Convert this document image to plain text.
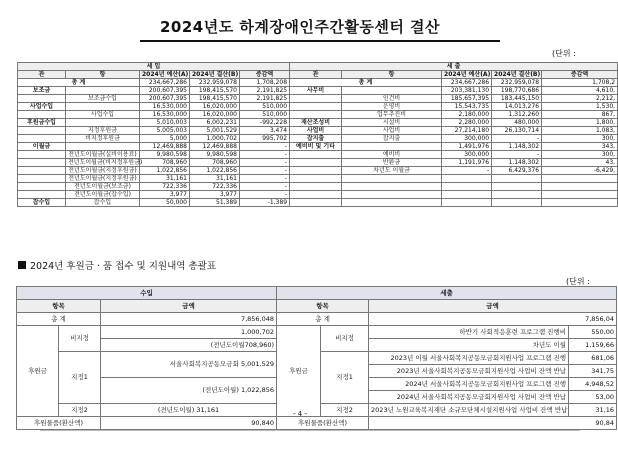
2024년도 하계장애인주간활동센터 결산
(단위 :
세 입					세 출				
관	항	2024년 예산(A)	2024년 결산(B)	증감액	관	항	2024년 예산(A)	2024년 결산(B)	증감액
총 계		234,667,286	232,959,078	1,708,208	총 계		234,667,286	232,959,078	1,708,2
보조금		200,607,395	198,415,570	2,191,825	사무비		203,381,130	198,770,686	4,610,
	보조금수입	200,607,395	198,415,570	2,191,825		인건비	185,657,395	183,445,150	2,212,
사업수입		16,530,000	16,020,000	510,000		운영비	15,543,735	14,013,276	1,530,
	사업수입	16,530,000	16,020,000	510,000		업무추진비	2,180,000	1,312,260	867,
후원금수입		5,010,003	6,002,231	-992,228	재산조성비	시설비	2,280,000	480,000	1,800,
	지정후원금	5,005,003	5,001,529	3,474	사업비	사업비	27,214,180	26,130,714	1,083,
	비지정후원금	5,000	1,000,702	995,702	잡지출	잡지출	300,000	-	300,
이월금		12,469,888	12,469,888	-	예비비 및 기타		1,491,976	1,148,302	343,
	전년도이월금(실비이용료)	9,980,598	9,980,598	-		예비비	300,000	-	300,
	전년도이월금(비지정후원금)	708,960	708,960	-		반환금	1,191,976	1,148,302	43,
	전년도이월금(지정후원금)	1,022,856	1,022,856	-		차년도 이월금	-	6,429,376	-6,429,
	전년도이월금(지정후원금)	31,161	31,161	-					
	전년도이월금(보조금)	722,336	722,336	-					
	전년도이월금(잡수입)	3,977	3,977	-					
잡수입	잡수입	50,000	51,389	-1,389					
2024년 후원금 · 품 접수 및 지원내역 총괄표
(단위 :
수입			세출			
항목		금액	항목		금액	
총 계		7,856,048	총 계		7,856,04	
후원금	비지정	1,000,702	후원금	비지정	하반기 사회적응훈련 프로그램 진행비	550,00
		(전년도이월708,960)			차년도 이월	1,159,66
	지정1	서울사회복지공동모금회 5,001,529		지정1	2023년 이월 서울사회복지공동모금회지원사업 프로그램 진행	681,06
					2023년 서울사회복지공동모금회지원사업 사업비 잔액 반납	341,75
		(전년도이월) 1,022,856			2024년 서울사회복지공동모금회지원사업 프로그램 진행	4,948,52
					2024년 서울사회복지공동모금회지원사업 사업비 잔액 반납	53,00
	지정2	(전년도이월) 31,161		지정2	2023년 노원교육복지재단 소규모단체시설지원사업 사업비 잔액 반납	31,16
후원물품(환산액)		90,840	후원물품(환산액)		90,84	
- 4 -
